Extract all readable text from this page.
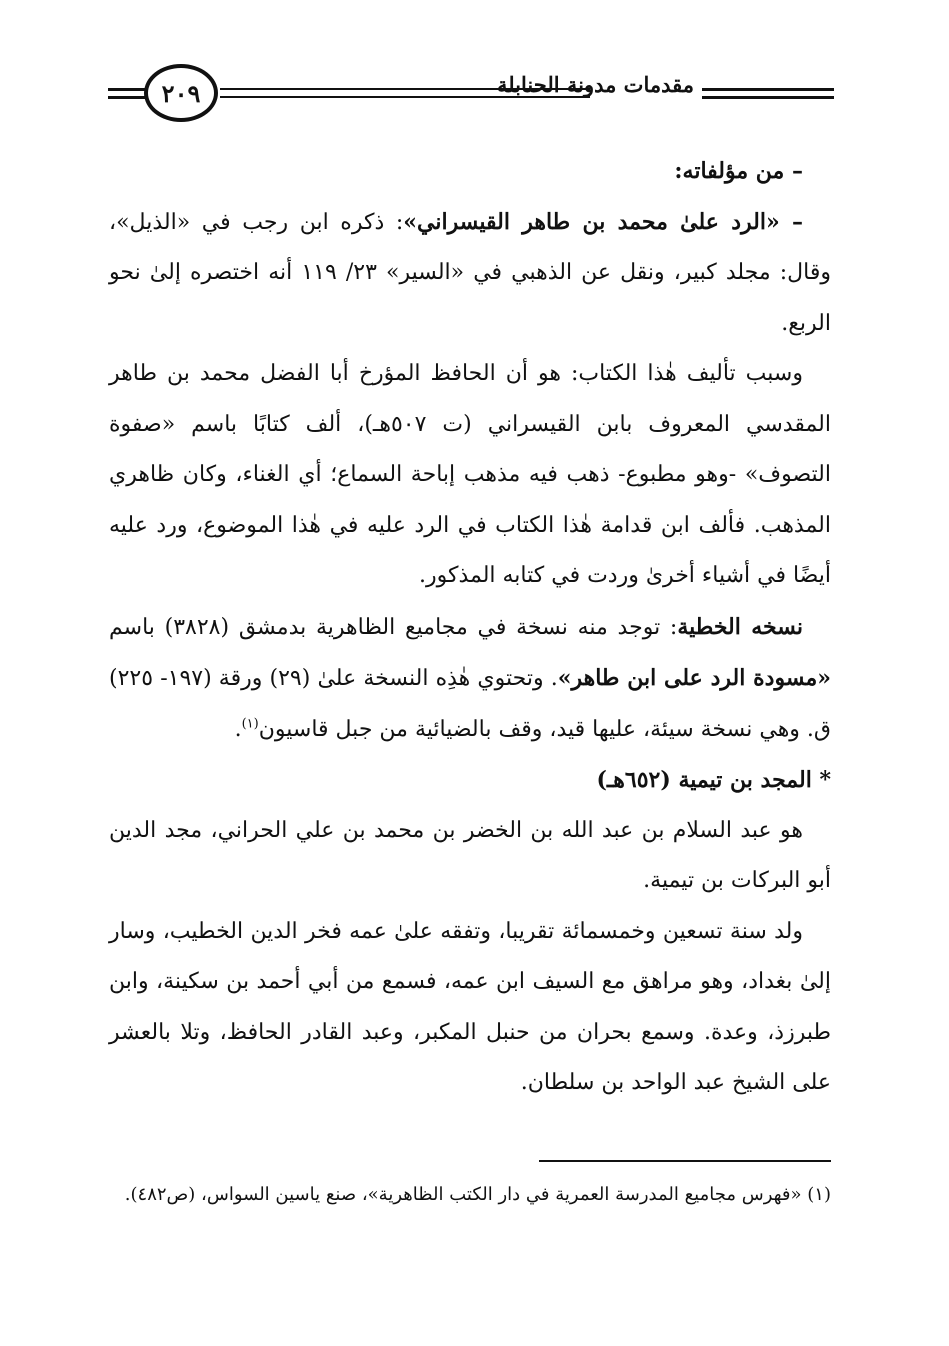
مقدمات مدونة الحنابلة
٢٠٩

– من مؤلفاته:

– «الرد علىٰ محمد بن طاهر القيسراني»: ذكره ابن رجب في «الذيل»، وقال: مجلد كبير، ونقل عن الذهبي في «السير» ٢٣/ ١١٩ أنه اختصره إلىٰ نحو الربع.

وسبب تأليف هٰذا الكتاب: هو أن الحافظ المؤرخ أبا الفضل محمد بن طاهر المقدسي المعروف بابن القيسراني (ت ٥٠٧هـ)، ألف كتابًا باسم «صفوة التصوف» -وهو مطبوع- ذهب فيه مذهب إباحة السماع؛ أي الغناء، وكان ظاهري المذهب. فألف ابن قدامة هٰذا الكتاب في الرد عليه في هٰذا الموضوع، ورد عليه أيضًا في أشياء أخرىٰ وردت في كتابه المذكور.

نسخه الخطية: توجد منه نسخة في مجاميع الظاهرية بدمشق (٣٨٢٨) باسم «مسودة الرد على ابن طاهر». وتحتوي هٰذِه النسخة علىٰ (٢٩) ورقة (١٩٧- ٢٢٥) ق. وهي نسخة سيئة، عليها قيد، وقف بالضيائية من جبل قاسيون$^{(١)}$.

* المجد بن تيمية (٦٥٢هـ)

هو عبد السلام بن عبد الله بن الخضر بن محمد بن علي الحراني، مجد الدين أبو البركات بن تيمية.

ولد سنة تسعين وخمسمائة تقريبا، وتفقه علىٰ عمه فخر الدين الخطيب، وسار إلىٰ بغداد، وهو مراهق مع السيف ابن عمه، فسمع من أبي أحمد بن سكينة، وابن طبرزذ، وعدة. وسمع بحران من حنبل المكبر، وعبد القادر الحافظ، وتلا بالعشر على الشيخ عبد الواحد بن سلطان.

(١) «فهرس مجاميع المدرسة العمرية في دار الكتب الظاهرية»، صنع ياسين السواس، (ص٤٨٢).
